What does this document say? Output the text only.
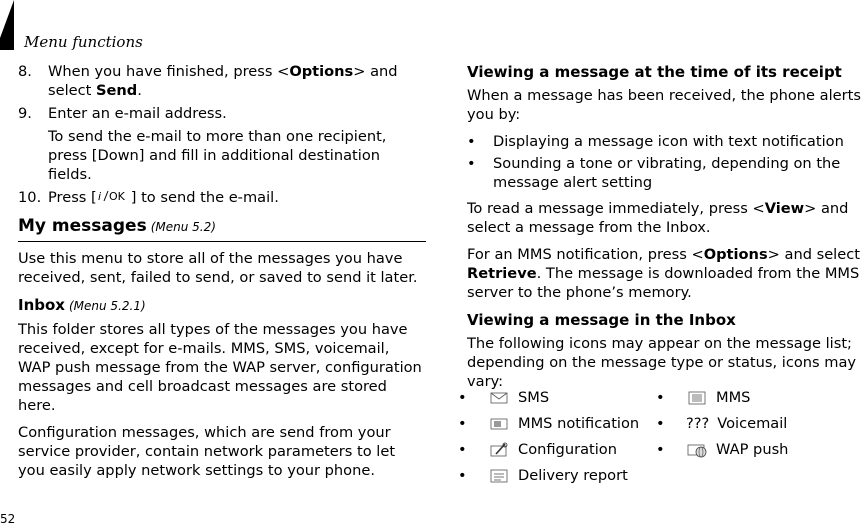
Menu functions
8.	When you have finished, press <Options> and select Send.
9.	Enter an e-mail address.

To send the e-mail to more than one recipient, press [Down] and fill in additional destination fields.

10. Press [ i OK ] to send the e-mail.
My messages (Menu 5.2)

Use this menu to store all of the messages you have received, sent, failed to send, or saved to send it later.

Inbox (Menu 5.2.1)

This folder stores all types of the messages you have received, except for e-mails. MMS, SMS, voicemail, WAP push message from the WAP server, configuration messages and cell broadcast messages are stored here.

Configuration messages, which are send from your service provider, contain network parameters to let you easily apply network settings to your phone.

Viewing a message at the time of its receipt

When a message has been received, the phone alerts you by:

•	Displaying a message icon with text notification
•	Sounding a tone or vibrating, depending on the message alert setting

To read a message immediately, press <View> and select a message from the Inbox.

For an MMS notification, press <Options> and select Retrieve. The message is downloaded from the MMS server to the phone’s memory.

Viewing a message in the Inbox

The following icons may appear on the message list; depending on the message type or status, icons may vary:

•	SMS	•	MMS
•	MMS notification •	??? Voicemail
•	Configuration	•	WAP push
•	Delivery report
52
